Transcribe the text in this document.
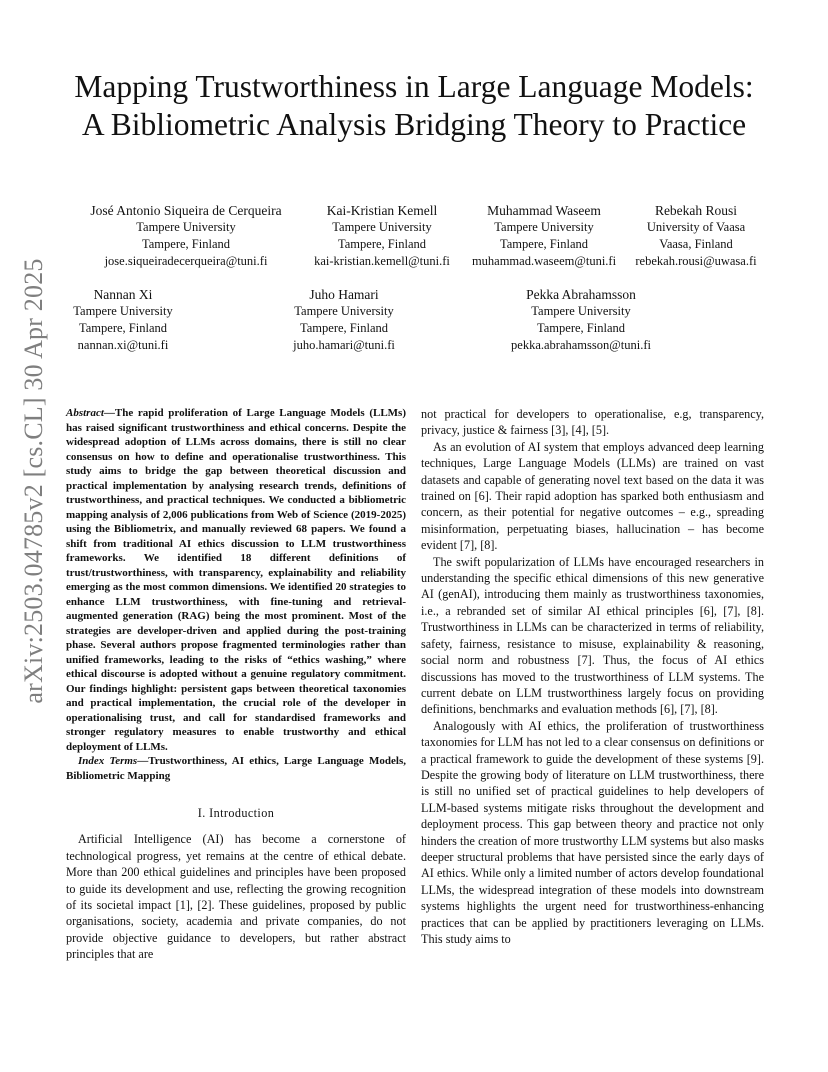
arXiv:2503.04785v2 [cs.CL] 30 Apr 2025
Mapping Trustworthiness in Large Language Models: A Bibliometric Analysis Bridging Theory to Practice
José Antonio Siqueira de Cerqueira
Tampere University
Tampere, Finland
jose.siqueiradecerqueira@tuni.fi
Kai-Kristian Kemell
Tampere University
Tampere, Finland
kai-kristian.kemell@tuni.fi
Muhammad Waseem
Tampere University
Tampere, Finland
muhammad.waseem@tuni.fi
Rebekah Rousi
University of Vaasa
Vaasa, Finland
rebekah.rousi@uwasa.fi
Nannan Xi
Tampere University
Tampere, Finland
nannan.xi@tuni.fi
Juho Hamari
Tampere University
Tampere, Finland
juho.hamari@tuni.fi
Pekka Abrahamsson
Tampere University
Tampere, Finland
pekka.abrahamsson@tuni.fi

Abstract—The rapid proliferation of Large Language Models (LLMs) has raised significant trustworthiness and ethical concerns. Despite the widespread adoption of LLMs across domains, there is still no clear consensus on how to define and operationalise trustworthiness. This study aims to bridge the gap between theoretical discussion and practical implementation by analysing research trends, definitions of trustworthiness, and practical techniques. We conducted a bibliometric mapping analysis of 2,006 publications from Web of Science (2019-2025) using the Bibliometrix, and manually reviewed 68 papers. We found a shift from traditional AI ethics discussion to LLM trustworthiness frameworks. We identified 18 different definitions of trust/trustworthiness, with transparency, explainability and reliability emerging as the most common dimensions. We identified 20 strategies to enhance LLM trustworthiness, with fine-tuning and retrieval-augmented generation (RAG) being the most prominent. Most of the strategies are developer-driven and applied during the post-training phase. Several authors propose fragmented terminologies rather than unified frameworks, leading to the risks of “ethics washing,” where ethical discourse is adopted without a genuine regulatory commitment. Our findings highlight: persistent gaps between theoretical taxonomies and practical implementation, the crucial role of the developer in operationalising trust, and call for standardised frameworks and stronger regulatory measures to enable trustworthy and ethical deployment of LLMs.

Index Terms—Trustworthiness, AI ethics, Large Language Models, Bibliometric Mapping

I. Introduction

Artificial Intelligence (AI) has become a cornerstone of technological progress, yet remains at the centre of ethical debate. More than 200 ethical guidelines and principles have been proposed to guide its development and use, reflecting the growing recognition of its societal impact [1], [2]. These guidelines, proposed by public organisations, society, academia and private companies, do not provide objective guidance to developers, but rather abstract principles that are

not practical for developers to operationalise, e.g, transparency, privacy, justice & fairness [3], [4], [5].

As an evolution of AI system that employs advanced deep learning techniques, Large Language Models (LLMs) are trained on vast datasets and capable of generating novel text based on the data it was trained on [6]. Their rapid adoption has sparked both enthusiasm and concern, as their potential for negative outcomes – e.g., spreading misinformation, perpetuating biases, hallucination – has become evident [7], [8].

The swift popularization of LLMs have encouraged researchers in understanding the specific ethical dimensions of this new generative AI (genAI), introducing them mainly as trustworthiness taxonomies, i.e., a rebranded set of similar AI ethical principles [6], [7], [8]. Trustworthiness in LLMs can be characterized in terms of reliability, safety, fairness, resistance to misuse, explainability & reasoning, social norm and robustness [7]. Thus, the focus of AI ethics discussions has moved to the trustworthiness of LLM systems. The current debate on LLM trustworthiness largely focus on providing definitions, benchmarks and evaluation methods [6], [7], [8].

Analogously with AI ethics, the proliferation of trustworthiness taxonomies for LLM has not led to a clear consensus on definitions or a practical framework to guide the development of these systems [9]. Despite the growing body of literature on LLM trustworthiness, there is still no unified set of practical guidelines to help developers of LLM-based systems mitigate risks throughout the development and deployment process. This gap between theory and practice not only hinders the creation of more trustworthy LLM systems but also masks deeper structural problems that have persisted since the early days of AI ethics. While only a limited number of actors develop foundational LLMs, the widespread integration of these models into downstream systems highlights the urgent need for trustworthiness-enhancing practices that can be applied by practitioners leveraging on LLMs. This study aims to
